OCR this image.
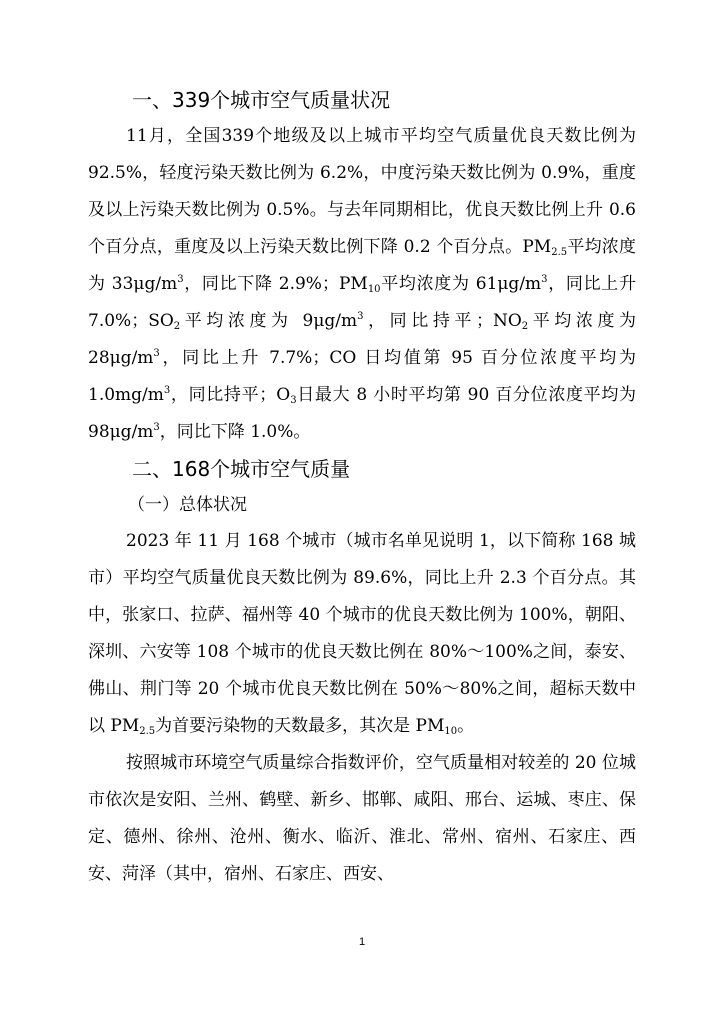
一、339个城市空气质量状况

11月，全国339个地级及以上城市平均空气质量优良天数比例为 92.5%，轻度污染天数比例为 6.2%，中度污染天数比例为 0.9%，重度及以上污染天数比例为 0.5%。与去年同期相比，优良天数比例上升 0.6 个百分点，重度及以上污染天数比例下降 0.2 个百分点。$PM_{2.5}$平均浓度为 $33\mu g/m^3$，同比下降 2.9%；$PM_{10}$平均浓度为 $61\mu g/m^3$，同比上升 7.0%；$SO_2$平均浓度为 $9\mu g/m^3$，同比持平；$NO_2$平均浓度为 $28\mu g/m^3$，同比上升 7.7%；CO 日均值第 95 百分位浓度平均为 $1.0mg/m^3$，同比持平；$O_3$日最大 8 小时平均第 90 百分位浓度平均为 $98\mu g/m^3$，同比下降 1.0%。

二、168个城市空气质量
（一）总体状况

2023 年 11 月 168 个城市（城市名单见说明 1，以下简称 168 城市）平均空气质量优良天数比例为 89.6%，同比上升 2.3 个百分点。其中，张家口、拉萨、福州等 40 个城市的优良天数比例为 100%，朝阳、深圳、六安等 108 个城市的优良天数比例在 80%～100%之间，泰安、佛山、荆门等 20 个城市优良天数比例在 50%～80%之间，超标天数中以 $PM_{2.5}$为首要污染物的天数最多，其次是 $PM_{10}$。

按照城市环境空气质量综合指数评价，空气质量相对较差的 20 位城市依次是安阳、兰州、鹤壁、新乡、邯郸、咸阳、邢台、运城、枣庄、保定、德州、徐州、沧州、衡水、临沂、淮北、常州、宿州、石家庄、西安、菏泽（其中，宿州、石家庄、西安、

1
